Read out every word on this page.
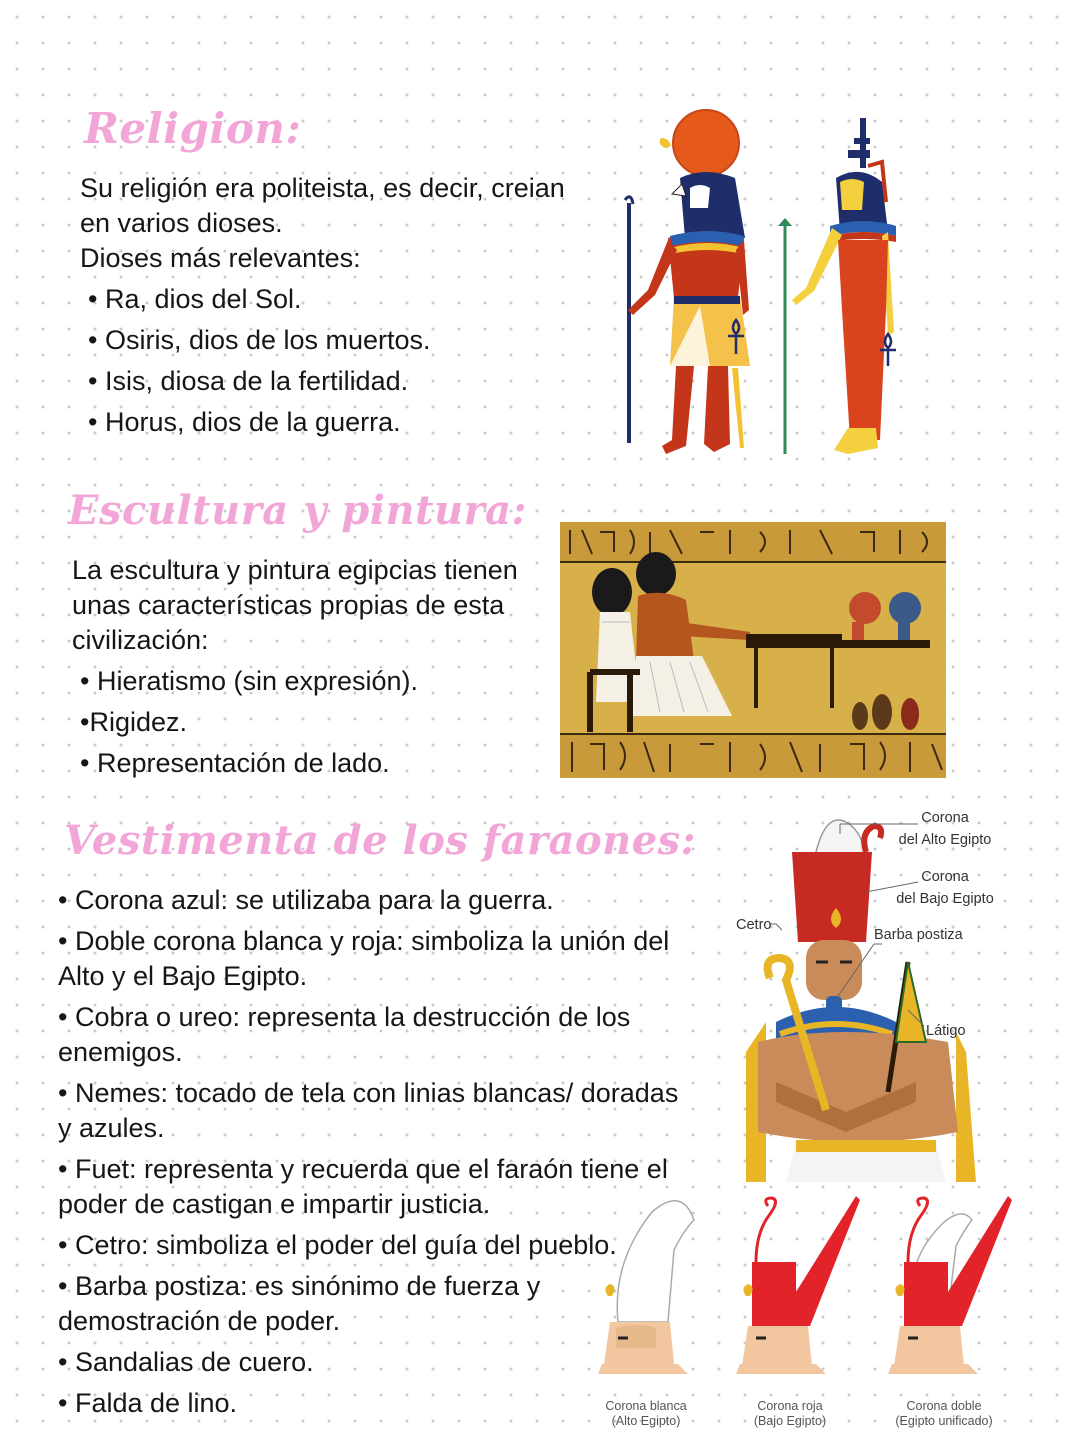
Religion:

Su religión era politeista, es decir, creian en varios dioses.

Dioses más relevantes:

• Ra, dios del Sol.
• Osiris, dios de los muertos.
• Isis, diosa de la fertilidad.
• Horus, dios de la guerra.
Escultura y pintura:

La escultura y pintura egipcias tienen unas características propias de esta civilización:

• Hieratismo (sin expresión).
•Rigidez.
• Representación de lado.
Vestimenta de los faraones:
• Corona azul: se utilizaba para la guerra.
• Doble corona blanca y roja: simboliza la unión del Alto y el Bajo Egipto.
• Cobra o ureo: representa la destrucción de los enemigos.
• Nemes: tocado de tela con linias blancas/ doradas y azules.
• Fuet: representa y recuerda que el faraón tiene el poder de castigan e impartir justicia.
• Cetro: simboliza el poder del guía del pueblo.
• Barba postiza: es sinónimo de fuerza y demostración de poder.
• Sandalias de cuero.
• Falda de lino.
Corona
del Alto Egipto
Corona
del Bajo Egipto
Cetro
Barba postiza
Látigo
Corona blanca
(Alto Egipto)
Corona roja
(Bajo Egipto)
Corona doble
(Egipto unificado)
